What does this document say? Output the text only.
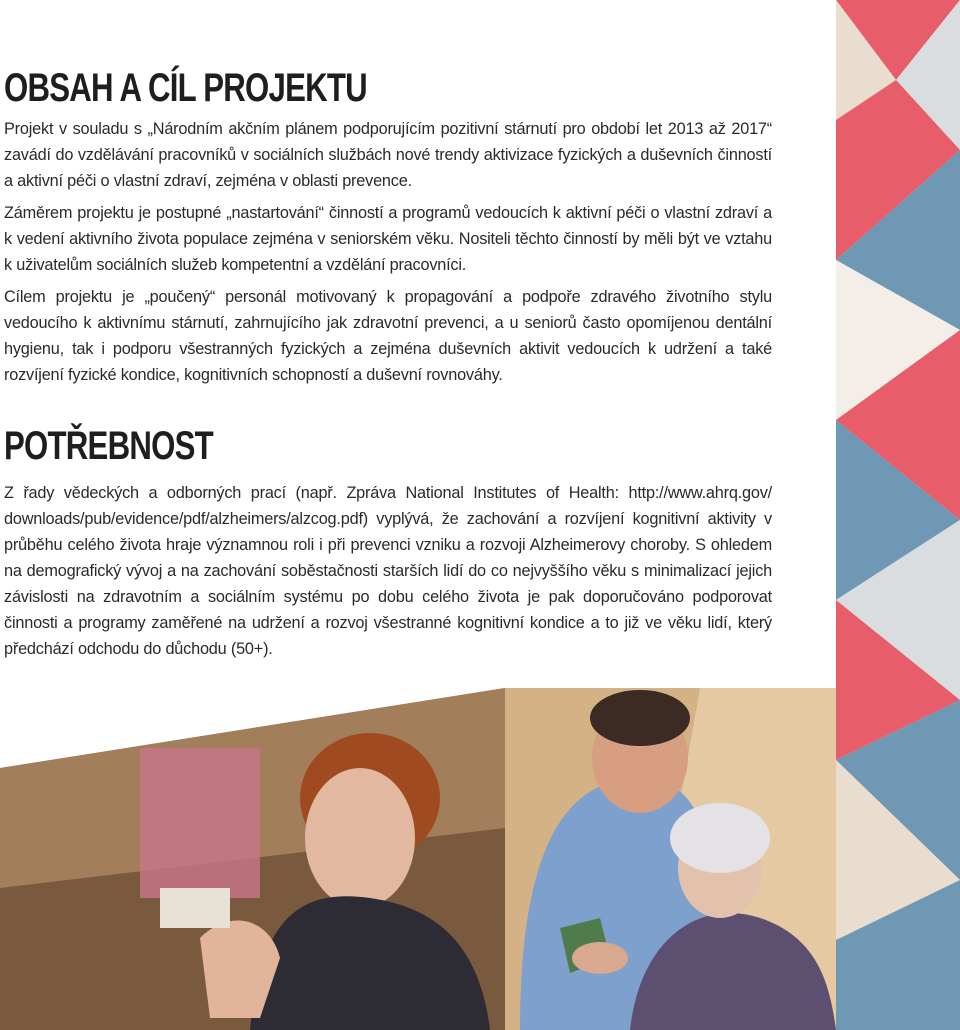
OBSAH A CÍL PROJEKTU

Projekt v souladu s „Národním akčním plánem podporujícím pozitivní stárnutí pro období let 2013 až 2017“ zavádí do vzdělávání pracovníků v sociálních službách nové trendy aktivizace fyzických a duševních činností a aktivní péči o vlastní zdraví, zejména v oblasti prevence.

Záměrem projektu je postupné „nastartování“ činností a programů vedoucích k aktivní péči o vlastní zdraví a k vedení aktivního života populace zejména v seniorském věku. Nositeli těchto činností by měli být ve vztahu k uživatelům sociálních služeb kompetentní a vzdělání pracovníci.

Cílem projektu je „poučený“ personál motivovaný k propagování a podpoře zdravého životního stylu vedoucího k aktivnímu stárnutí, zahrnujícího jak zdravotní prevenci, a u seniorů často opomíjenou dentální hygienu, tak i podporu všestranných fyzických a zejména duševních aktivit vedoucích k udržení a také rozvíjení fyzické kondice, kognitivních schopností a duševní rovnováhy.

POTŘEBNOST

Z řady vědeckých a odborných prací (např. Zpráva National Institutes of Health: http://www.ahrq.gov/ downloads/pub/evidence/pdf/alzheimers/alzcog.pdf) vyplývá, že zachování a rozvíjení kognitivní aktivity v průběhu celého života hraje významnou roli i při prevenci vzniku a rozvoji Alzheimerovy choroby. S ohledem na demografický vývoj a na zachování soběstačnosti starších lidí do co nejvyššího věku s minimalizací jejich závislosti na zdravotním a sociálním systému po dobu celého života je pak doporučováno podporovat činnosti a programy zaměřené na udržení a rozvoj všestranné kognitivní kondice a to již ve věku lidí, který předchází odchodu do důchodu (50+).
